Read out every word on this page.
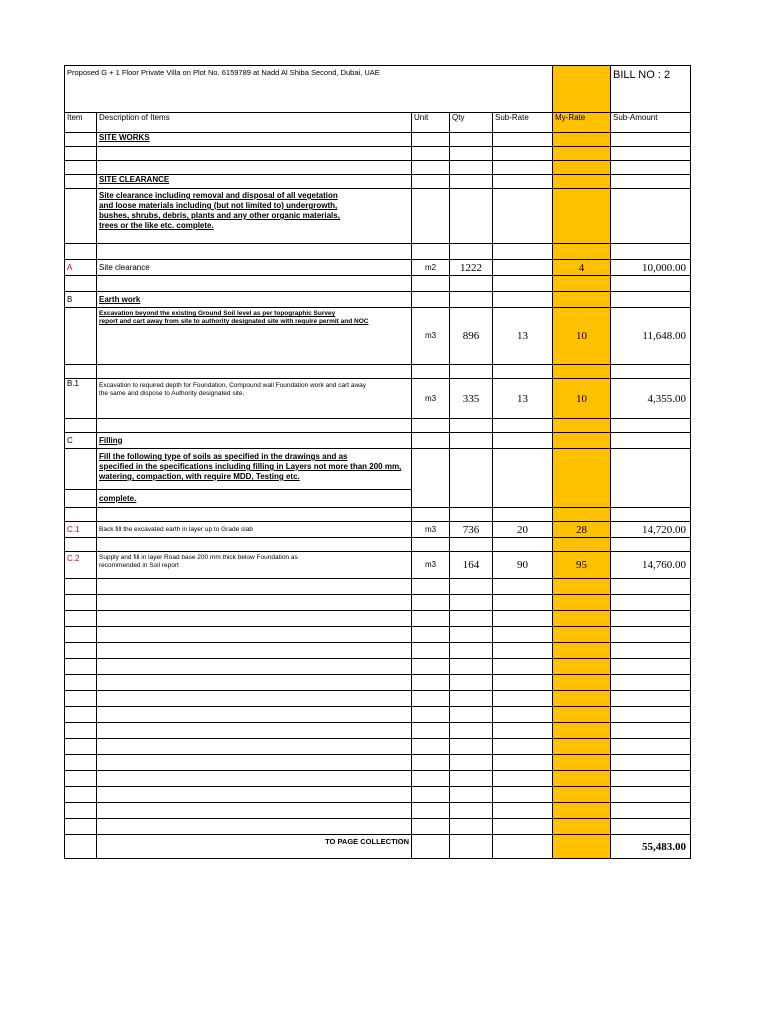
Proposed G + 1 Floor Private Villa on Plot No. 6159789 at Nadd Al Shiba Second, Dubai, UAE						BILL NO : 2
Item	Description of Items	Unit	Qty	Sub-Rate	My-Rate	Sub-Amount
	SITE WORKS					

	SITE CLEARANCE					

	Site clearance including removal and disposal of all vegetation
and loose materials including (but not limited to) undergrowth,
bushes, shrubs, debris, plants and any other organic materials,
trees or the like etc. complete.					

A	Site clearance	m2	1222		4	10,000.00

B	Earth work					

	Excavation beyond the existing Ground Soil level as per topographic Survey
report and cart away from site to authority designated site with require permit and NOC	m3	896	13	10	11,648.00

B.1	Excavation to required depth for Foundation, Compound wall Foundation work and cart away
the same and dispose to Authority designated site.	m3	335	13	10	4,355.00

C	Filling					

	Fill the following type of soils as specified in the drawings and as
specified in the specifications including filling in Layers not more than 200 mm,
watering, compaction, with require MDD, Testing etc.					

	complete.					

C.1	Back fill the excavated earth in layer up to Grade slab	m3	736	20	28	14,720.00

C.2	Supply and fill in layer Road base 200 mm thick below Foundation as
recommended in Soil report	m3	164	90	95	14,760.00

	TO PAGE COLLECTION					55,483.00
